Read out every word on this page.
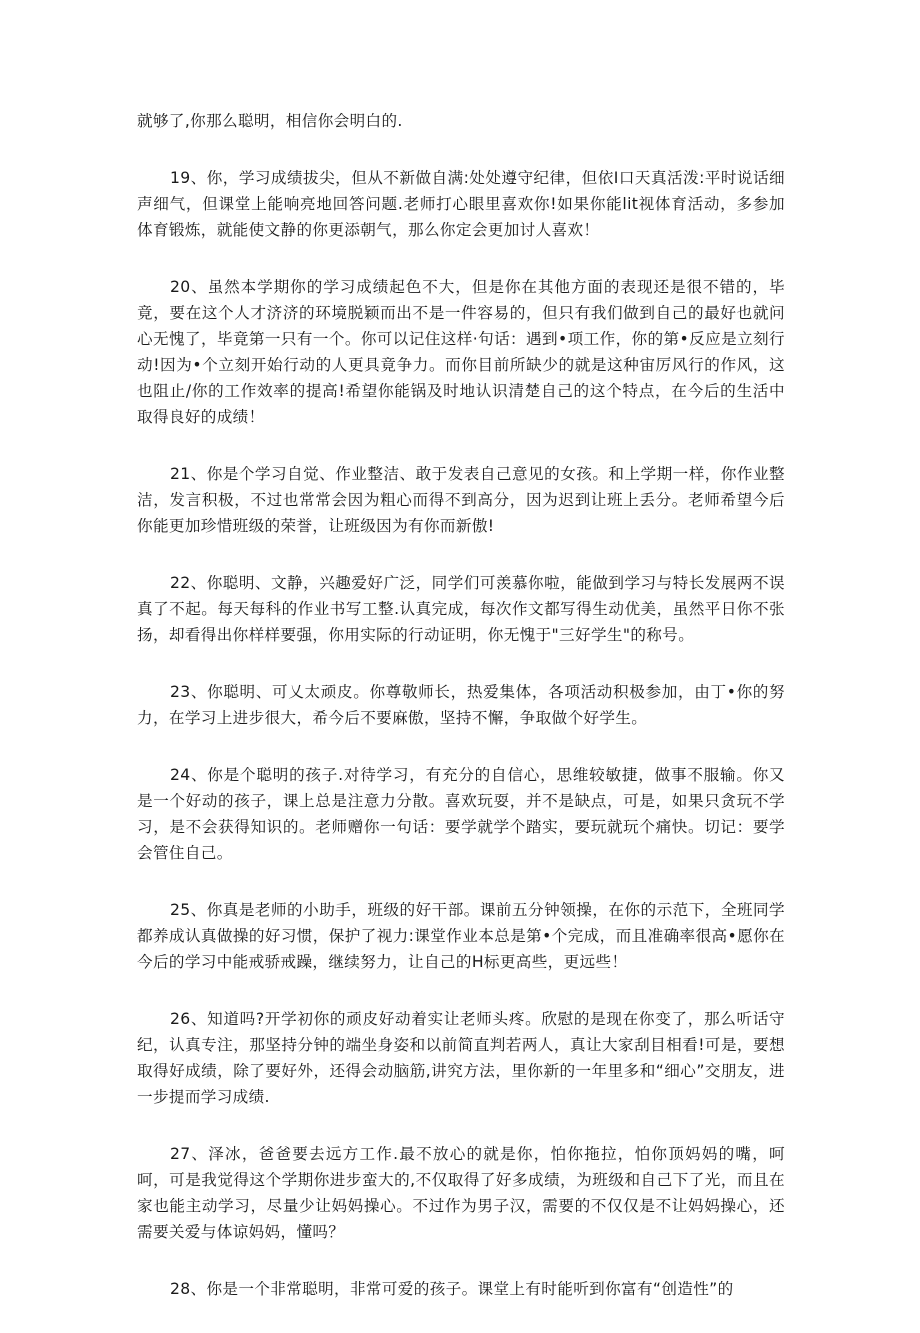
就够了,你那么聪明，相信你会明白的.

19、你，学习成绩拔尖，但从不新做自满:处处遵守纪律，但依I口天真活泼:平时说话细声细气，但课堂上能响亮地回答问题.老师打心眼里喜欢你!如果你能lit视体育活动，多参加体育锻炼，就能使文静的你更添朝气，那么你定会更加讨人喜欢！

20、虽然本学期你的学习成绩起色不大，但是你在其他方面的表现还是很不错的，毕竟，要在这个人才济济的环境脱颖而出不是一件容易的，但只有我们做到自己的最好也就问心无愧了，毕竟第一只有一个。你可以记住这样·句话：遇到•项工作，你的第•反应是立刻行动!因为•个立刻开始行动的人更具竟争力。而你目前所缺少的就是这种宙厉风行的作风，这也阻止/你的工作效率的提高!希望你能锅及时地认识清楚自己的这个特点，在今后的生活中取得良好的成绩！

21、你是个学习自觉、作业整洁、敢于发表自己意见的女孩。和上学期一样，你作业整洁，发言积极，不过也常常会因为粗心而得不到高分，因为迟到让班上丢分。老师希望今后你能更加珍惜班级的荣誉，让班级因为有你而新傲!

22、你聪明、文静，兴趣爱好广泛，同学们可羡慕你啦，能做到学习与特长发展两不误真了不起。每天每科的作业书写工整.认真完成，每次作文都写得生动优美，虽然平日你不张扬，却看得出你样样要强，你用实际的行动证明，你无愧于"三好学生"的称号。

23、你聪明、可乂太顽皮。你尊敬师长，热爱集体，各项活动积极参加，由丁•你的努力，在学习上进步很大，希今后不要麻傲，坚持不懈，争取做个好学生。

24、你是个聪明的孩子.对待学习，有充分的自信心，思维较敏捷，做事不服输。你又是一个好动的孩子，课上总是注意力分散。喜欢玩耍，并不是缺点，可是，如果只贪玩不学习，是不会获得知识的。老师赠你一句话：要学就学个踏实，要玩就玩个痛快。切记：要学会管住自己。

25、你真是老师的小助手，班级的好干部。课前五分钟领操，在你的示范下，全班同学都养成认真做操的好习惯，保护了视力:课堂作业本总是第•个完成，而且准确率很高•愿你在今后的学习中能戒骄戒躁，继续努力，让自己的H标更高些，更远些！

26、知道吗?开学初你的顽皮好动着实让老师头疼。欣慰的是现在你变了，那么听话守纪，认真专注，那坚持分钟的端坐身姿和以前简直判若两人，真让大家刮目相看!可是，要想取得好成绩，除了要好外，还得会动脑筋,讲究方法，里你新的一年里多和“细心”交朋友，进一步提而学习成绩.

27、泽冰，爸爸要去远方工作.最不放心的就是你，怕你拖拉，怕你顶妈妈的嘴，呵呵，可是我觉得这个学期你进步蛮大的,不仅取得了好多成绩，为班级和自己下了光，而且在家也能主动学习，尽量少让妈妈操心。不过作为男子汉，需要的不仅仅是不让妈妈操心，还需要关爱与体谅妈妈，懂吗？

28、你是一个非常聪明，非常可爱的孩子。课堂上有时能听到你富有“创造性”的
